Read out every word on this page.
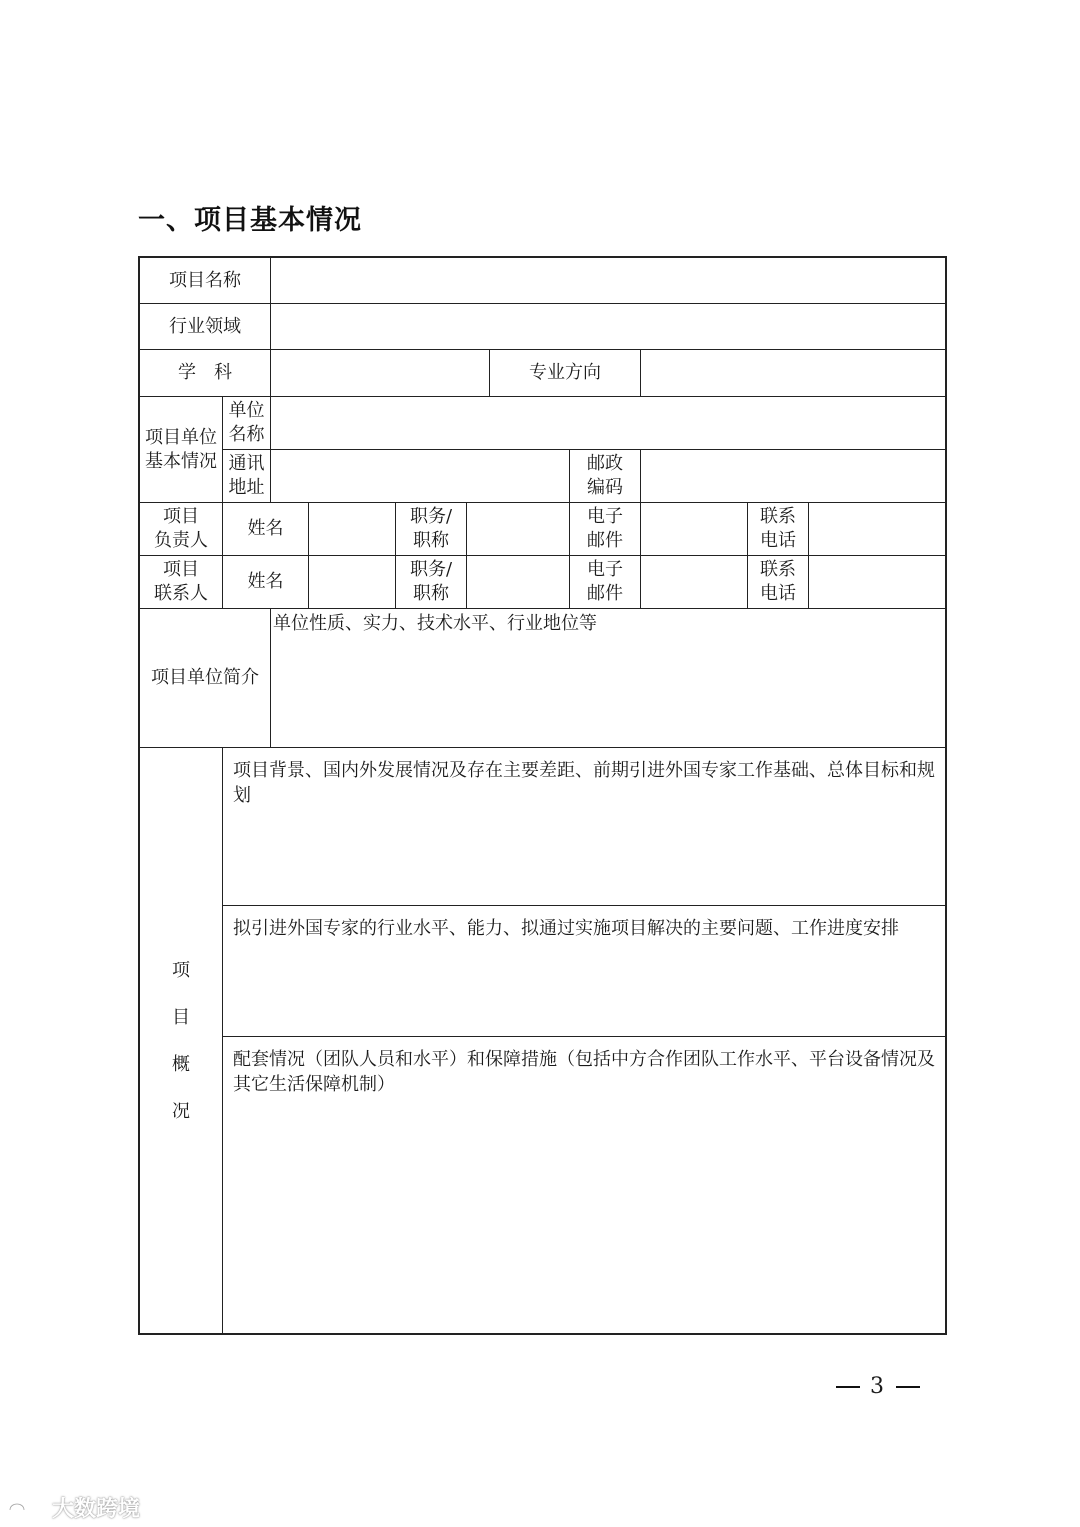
一、项目基本情况
项目名称
行业领域
学　科	专业方向
项目单位
基本情况
单位
名称
通讯
地址
邮政
编码
项目
负责人
姓名
职务/
职称
电子
邮件
联系
电话
项目
联系人
姓名
职务/
职称
电子
邮件
联系
电话
项目单位简介
单位性质、实力、技术水平、行业地位等
项
目
概
况
项目背景、国内外发展情况及存在主要差距、前期引进外国专家工作基础、总体目标和规划
拟引进外国专家的行业水平、能力、拟通过实施项目解决的主要问题、工作进度安排
配套情况（团队人员和水平）和保障措施（包括中方合作团队工作水平、平台设备情况及其它生活保障机制）
3
大数跨境
